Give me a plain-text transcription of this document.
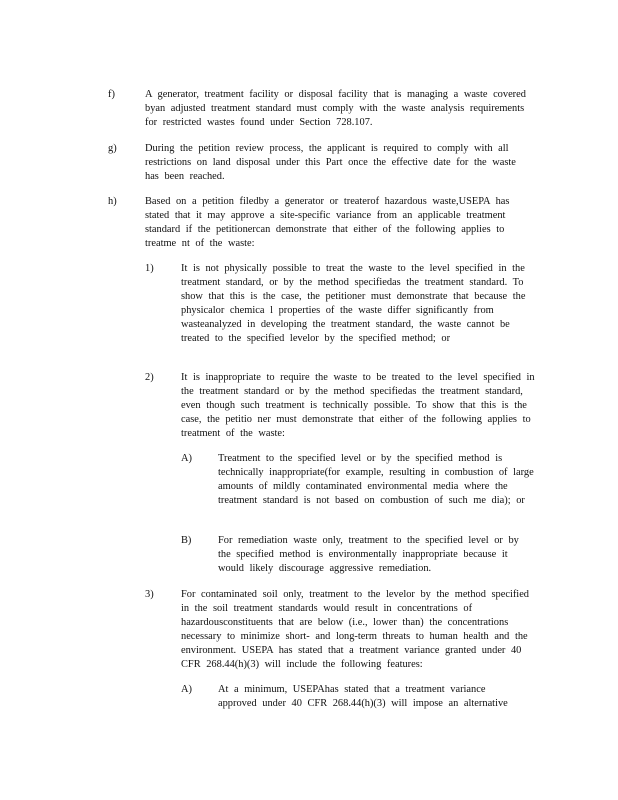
f)	A generator, treatment facility or disposal facility that is managing a waste covered byan adjusted treatment standard must comply with the waste analysis requirements for restricted wastes found under Section 728.107.
g)	During the petition review process, the applicant is required to comply with all restrictions on land disposal under this Part once the effective date for the waste has been reached.
h)	Based on a petition filedby a generator or treaterof hazardous waste,USEPA has stated that it may approve a site-specific variance from an applicable treatment standard if the petitionercan demonstrate that either of the following applies to treatme nt of the waste:
1)	It is not physically possible to treat the waste to the level specified in the treatment standard, or by the method specifiedas the treatment standard. To show that this is the case, the petitioner must demonstrate that because the physicalor chemica l properties of the waste differ significantly from wasteanalyzed in developing the treatment standard, the waste cannot be treated to the specified levelor by the specified method; or
2)	It is inappropriate to require the waste to be treated to the level specified in the treatment standard or by the method specifiedas the treatment standard, even though such treatment is technically possible. To show that this is the case, the petitio ner must demonstrate that either of the following applies to treatment of the waste:
A)	Treatment to the specified level or by the specified method is technically inappropriate(for example, resulting in combustion of large amounts of mildly contaminated environmental media where the treatment standard is not based on combustion of such me dia); or
B)	For remediation waste only, treatment to the specified level or by the specified method is environmentally inappropriate because it would likely discourage aggressive remediation.
3)	For contaminated soil only, treatment to the levelor by the method specified in the soil treatment standards would result in concentrations of hazardousconstituents that are below (i.e., lower than) the concentrations necessary to minimize short- and long-term threats to human health and the environment. USEPA has stated that a treatment variance granted under 40 CFR 268.44(h)(3) will include the following features:
A)	At a minimum, USEPAhas stated that a treatment variance approved under 40 CFR 268.44(h)(3) will impose an alternative
